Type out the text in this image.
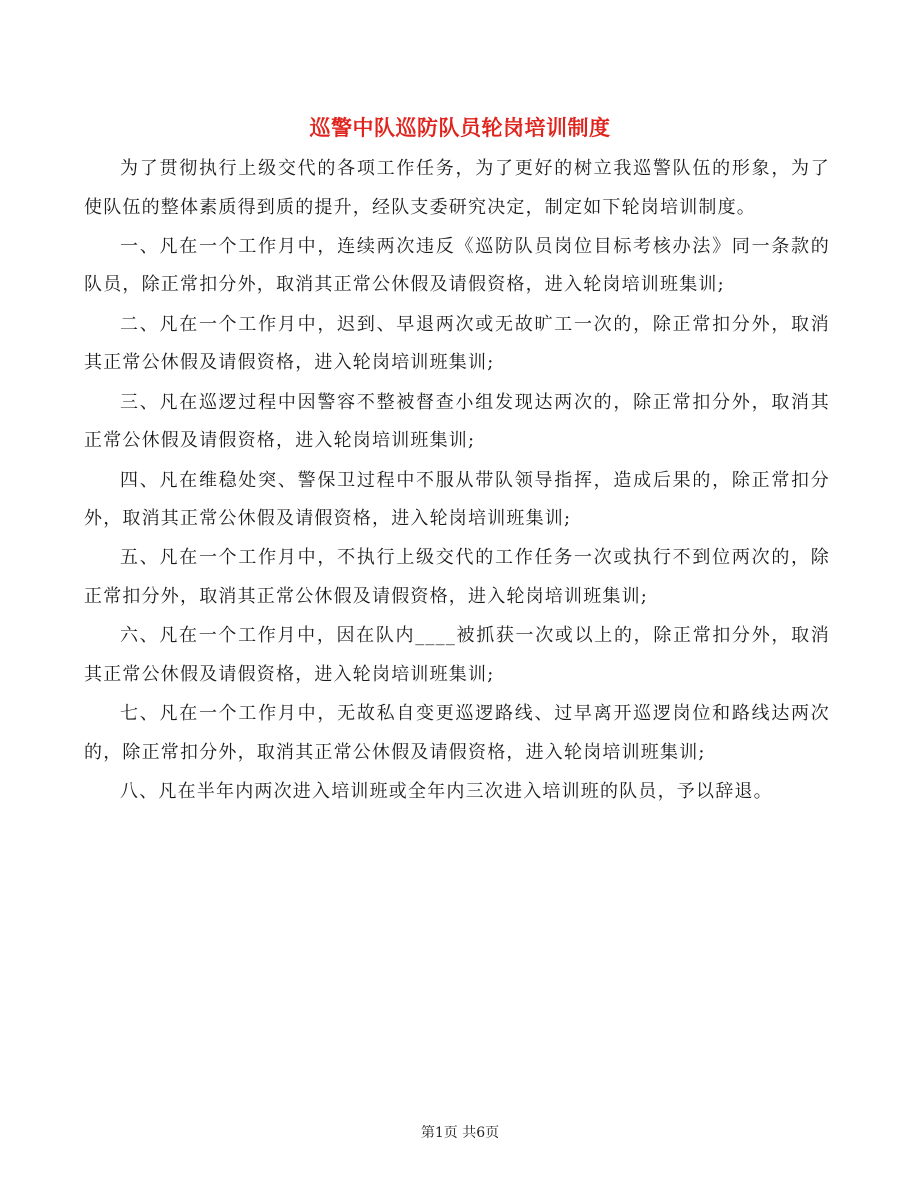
巡警中队巡防队员轮岗培训制度

为了贯彻执行上级交代的各项工作任务，为了更好的树立我巡警队伍的形象，为了使队伍的整体素质得到质的提升，经队支委研究决定，制定如下轮岗培训制度。

一、凡在一个工作月中，连续两次违反《巡防队员岗位目标考核办法》同一条款的队员，除正常扣分外，取消其正常公休假及请假资格，进入轮岗培训班集训;

二、凡在一个工作月中，迟到、早退两次或无故旷工一次的，除正常扣分外，取消其正常公休假及请假资格，进入轮岗培训班集训;

三、凡在巡逻过程中因警容不整被督查小组发现达两次的，除正常扣分外，取消其正常公休假及请假资格，进入轮岗培训班集训;

四、凡在维稳处突、警保卫过程中不服从带队领导指挥，造成后果的，除正常扣分外，取消其正常公休假及请假资格，进入轮岗培训班集训;

五、凡在一个工作月中，不执行上级交代的工作任务一次或执行不到位两次的，除正常扣分外，取消其正常公休假及请假资格，进入轮岗培训班集训;

六、凡在一个工作月中，因在队内____被抓获一次或以上的，除正常扣分外，取消其正常公休假及请假资格，进入轮岗培训班集训;

七、凡在一个工作月中，无故私自变更巡逻路线、过早离开巡逻岗位和路线达两次的，除正常扣分外，取消其正常公休假及请假资格，进入轮岗培训班集训;

八、凡在半年内两次进入培训班或全年内三次进入培训班的队员，予以辞退。

第1页 共6页
